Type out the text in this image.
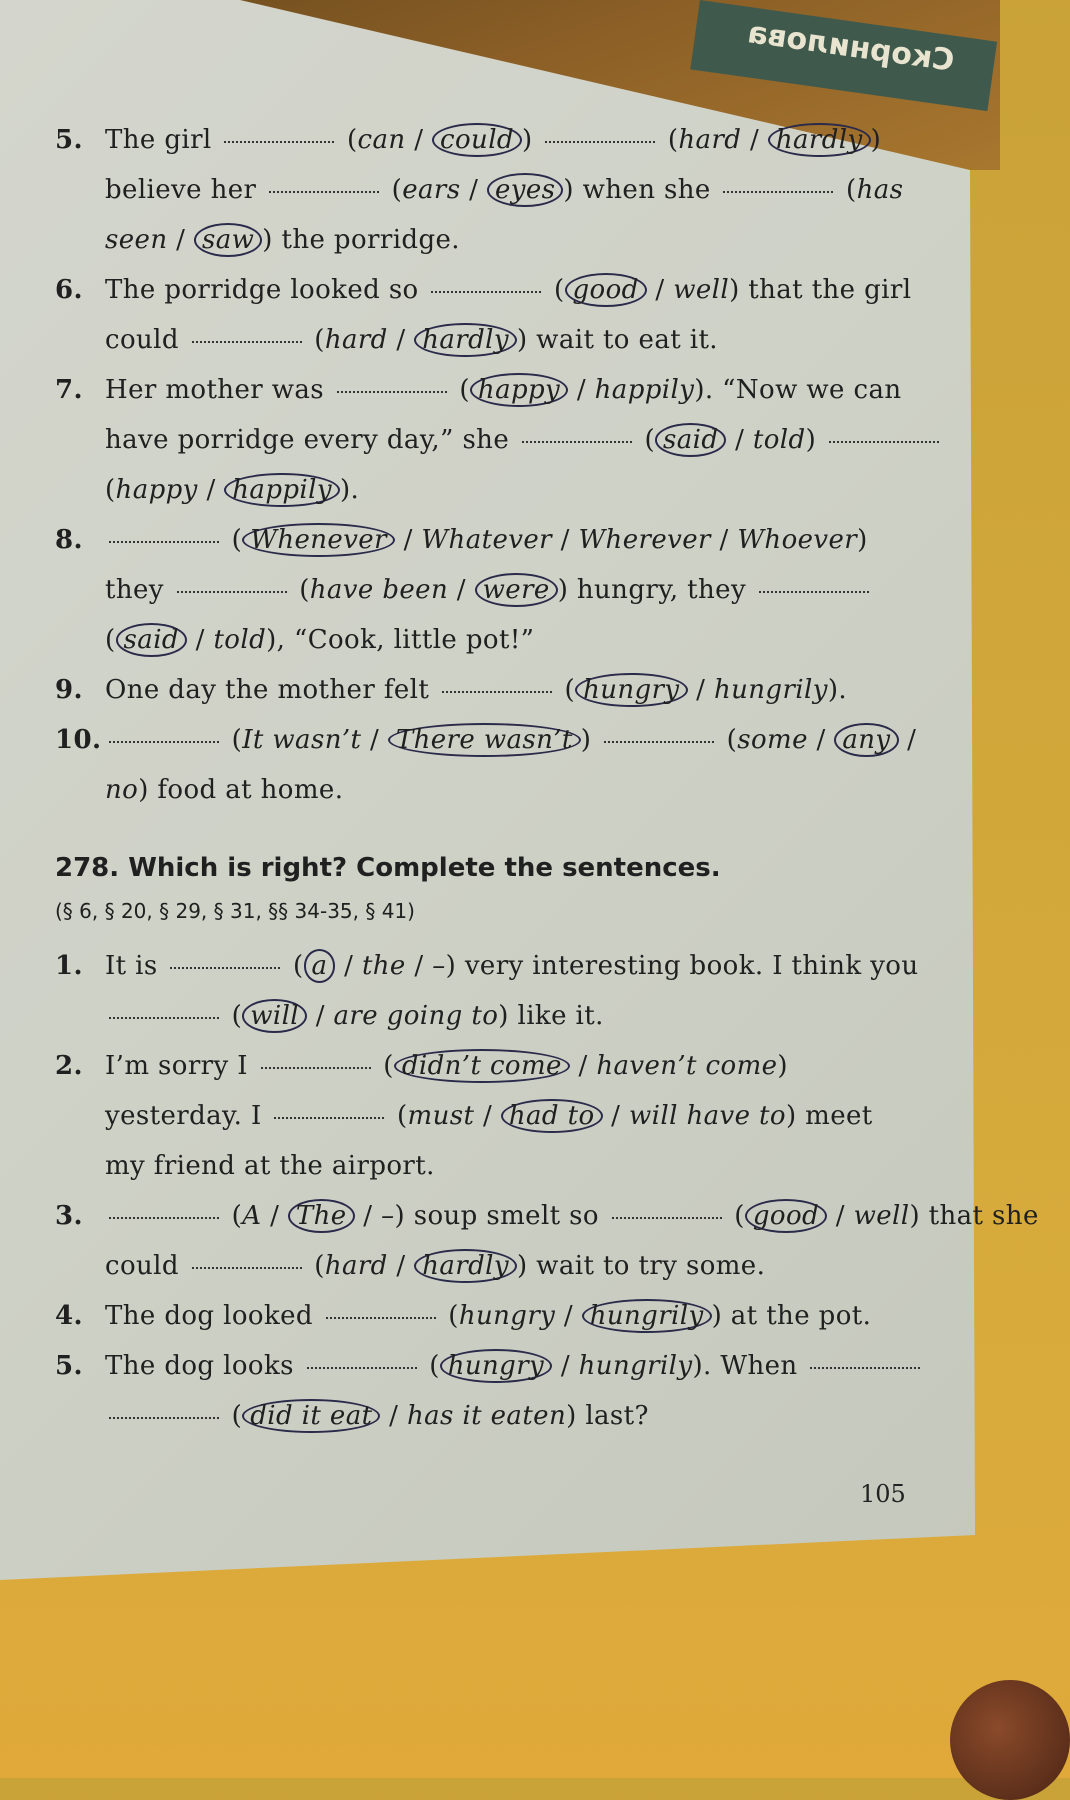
Скорнилова
5. The girl	(can / could )	(hard / hardly )
believe her	(ears / eyes ) when she	(has
seen / saw ) the porridge.
6. The porridge looked so	( good / well) that the girl
could	(hard / hardly ) wait to eat it.
7. Her mother was	( happy / happily). “Now we can
have porridge every day,” she	( said / told)
(happy / happily ).
8.	( Whenever / Whatever / Wherever / Whoever)
they	(have been / were ) hungry, they
( said / told), “Cook, little pot!”
9. One day the mother felt	( hungry / hungrily).
10.	(It wasn’t / There wasn’t )	(some / any /
no) food at home.
278. Which is right? Complete the sentences.
(§ 6, § 20, § 29, § 31, §§ 34-35, § 41)
1. It is	( a / the / –) very interesting book. I think you
( will / are going to) like it.
2. I’m sorry I	( didn’t come / haven’t come)
yesterday. I	(must / had to / will have to) meet
my friend at the airport.
3.	(A / The / –) soup smelt so	( good / well) that she
could	(hard / hardly ) wait to try some.
4. The dog looked	(hungry / hungrily ) at the pot.
5. The dog looks	( hungry / hungrily). When
( did it eat / has it eaten) last?
105
